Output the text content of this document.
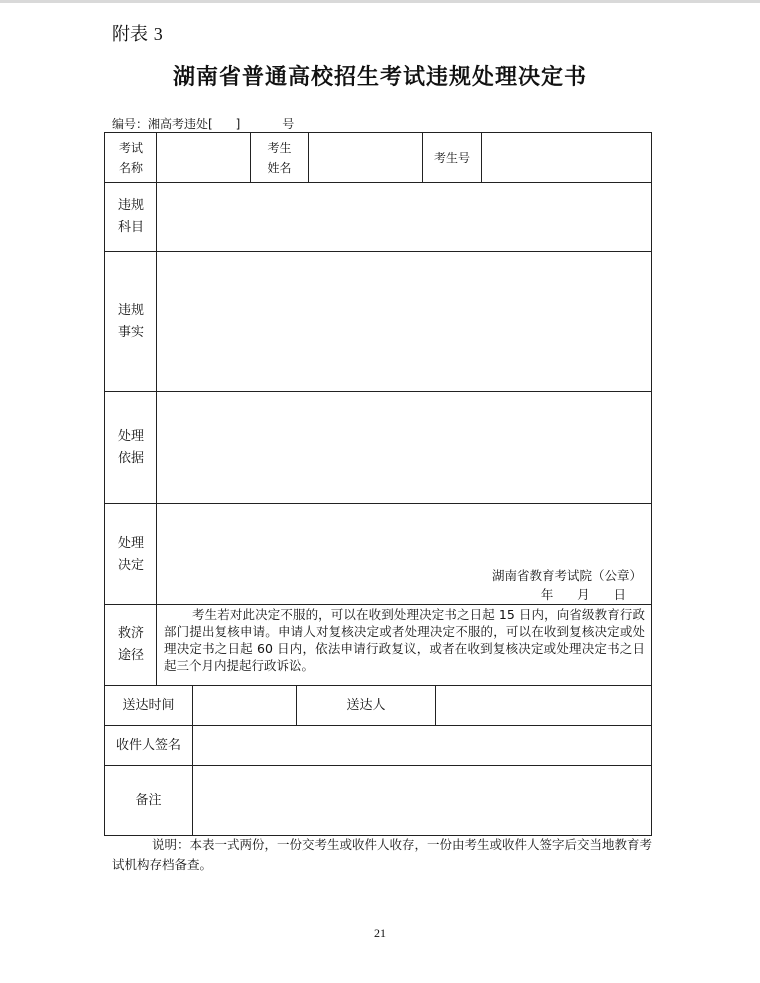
附表 3
湖南省普通高校招生考试违规处理决定书
编号：湘高考违处[      ]           号
考试
名称
考生
姓名
考生号
违规
科目
违规
事实
处理
依据
处理
决定
湖南省教育考试院（公章）
年      月      日
救济
途径
考生若对此决定不服的，可以在收到处理决定书之日起 15 日内，向省级教育行政部门提出复核申请。申请人对复核决定或者处理决定不服的，可以在收到复核决定或处理决定书之日起 60 日内，依法申请行政复议，或者在收到复核决定或处理决定书之日起三个月内提起行政诉讼。
送达时间	送达人
收件人签名
备注
说明：本表一式两份，一份交考生或收件人收存，一份由考生或收件人签字后交当地教育考试机构存档备查。
21
